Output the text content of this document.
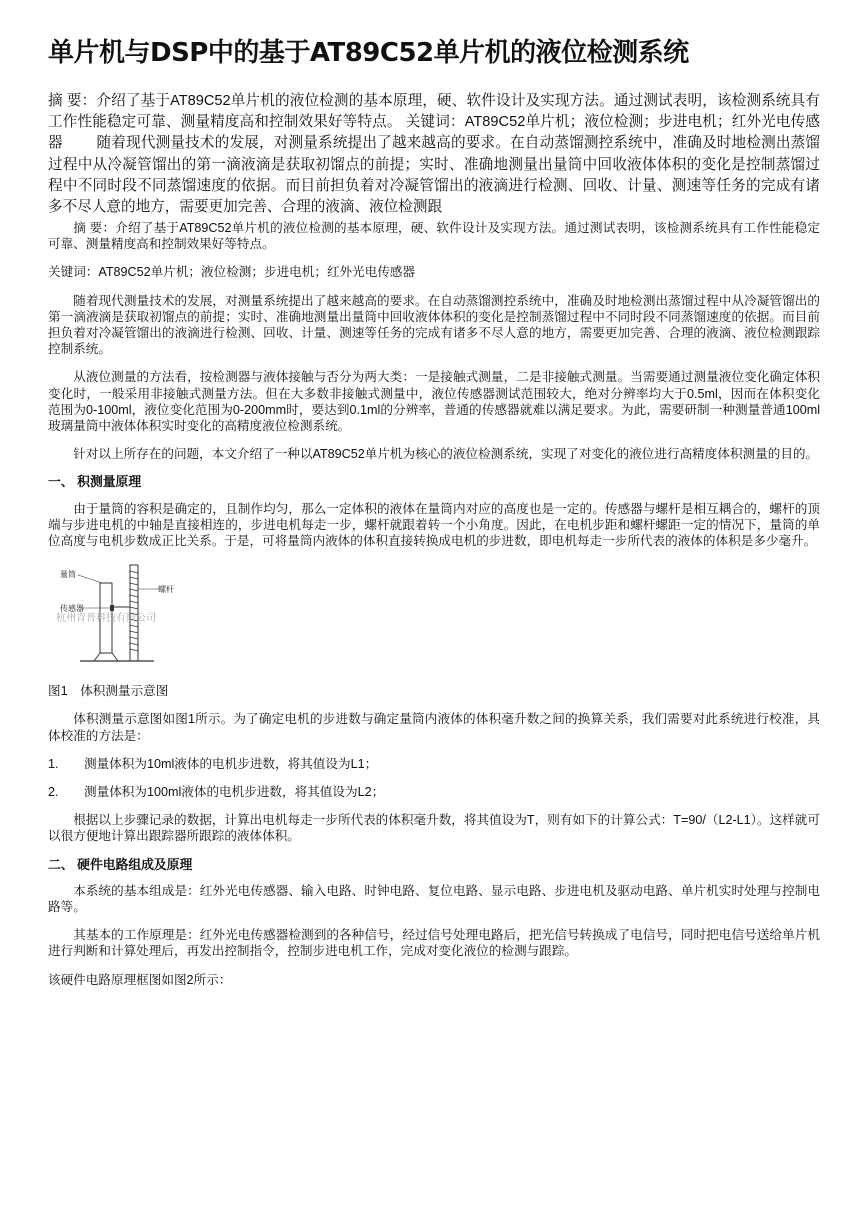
单片机与DSP中的基于AT89C52单片机的液位检测系统

摘 要：介绍了基于AT89C52单片机的液位检测的基本原理，硬、软件设计及实现方法。通过测试表明，该检测系统具有工作性能稳定可靠、测量精度高和控制效果好等特点。 关键词：AT89C52单片机；液位检测；步进电机；红外光电传感器　　 随着现代测量技术的发展，对测量系统提出了越来越高的要求。在自动蒸馏测控系统中，准确及时地检测出蒸馏过程中从冷凝管馏出的第一滴液滴是获取初馏点的前提；实时、准确地测量出量筒中回收液体体积的变化是控制蒸馏过程中不同时段不同蒸馏速度的依据。而目前担负着对冷凝管馏出的液滴进行检测、回收、计量、测速等任务的完成有诸多不尽人意的地方，需要更加完善、合理的液滴、液位检测跟

摘 要：介绍了基于AT89C52单片机的液位检测的基本原理，硬、软件设计及实现方法。通过测试表明，该检测系统具有工作性能稳定可靠、测量精度高和控制效果好等特点。

关键词：AT89C52单片机；液位检测；步进电机；红外光电传感器

随着现代测量技术的发展，对测量系统提出了越来越高的要求。在自动蒸馏测控系统中，准确及时地检测出蒸馏过程中从冷凝管馏出的第一滴液滴是获取初馏点的前提；实时、准确地测量出量筒中回收液体体积的变化是控制蒸馏过程中不同时段不同蒸馏速度的依据。而目前担负着对冷凝管馏出的液滴进行检测、回收、计量、测速等任务的完成有诸多不尽人意的地方，需要更加完善、合理的液滴、液位检测跟踪控制系统。

从液位测量的方法看，按检测器与液体接触与否分为两大类：一是接触式测量，二是非接触式测量。当需要通过测量液位变化确定体积变化时，一般采用非接触式测量方法。但在大多数非接触式测量中，液位传感器测试范围较大，绝对分辨率均大于0.5ml，因而在体积变化范围为0-100ml，液位变化范围为0-200mm时，要达到0.1ml的分辨率，普通的传感器就难以满足要求。为此，需要研制一种测量普通100ml玻璃量筒中液体体积实时变化的高精度液位检测系统。

针对以上所存在的问题，本文介绍了一种以AT89C52单片机为核心的液位检测系统，实现了对变化的液位进行高精度体积测量的目的。

一、 积测量原理

由于量筒的容积是确定的，且制作均匀，那么一定体积的液体在量筒内对应的高度也是一定的。传感器与螺杆是相互耦合的，螺杆的顶端与步进电机的中轴是直接相连的，步进电机每走一步，螺杆就跟着转一个小角度。因此，在电机步距和螺杆螺距一定的情况下，量筒的单位高度与电机步数成正比关系。于是，可将量筒内液体的体积直接转换成电机的步进数，即电机每走一步所代表的液体的体积是多少毫升。

量筒
螺杆
传感器
杭州青普科技有限公司

图1　体积测量示意图

体积测量示意图如图1所示。为了确定电机的步进数与确定量筒内液体的体积毫升数之间的换算关系，我们需要对此系统进行校准，具体校准的方法是：

1.	测量体积为10ml液体的电机步进数，将其值设为L1；
2.	测量体积为100ml液体的电机步进数，将其值设为L2；

根据以上步骤记录的数据，计算出电机每走一步所代表的体积毫升数，将其值设为T，则有如下的计算公式：T=90/（L2-L1）。这样就可以很方便地计算出跟踪器所跟踪的液体体积。

二、 硬件电路组成及原理

本系统的基本组成是：红外光电传感器、输入电路、时钟电路、复位电路、显示电路、步进电机及驱动电路、单片机实时处理与控制电路等。

其基本的工作原理是：红外光电传感器检测到的各种信号，经过信号处理电路后，把光信号转换成了电信号，同时把电信号送给单片机进行判断和计算处理后，再发出控制指令，控制步进电机工作，完成对变化液位的检测与跟踪。

该硬件电路原理框图如图2所示：
